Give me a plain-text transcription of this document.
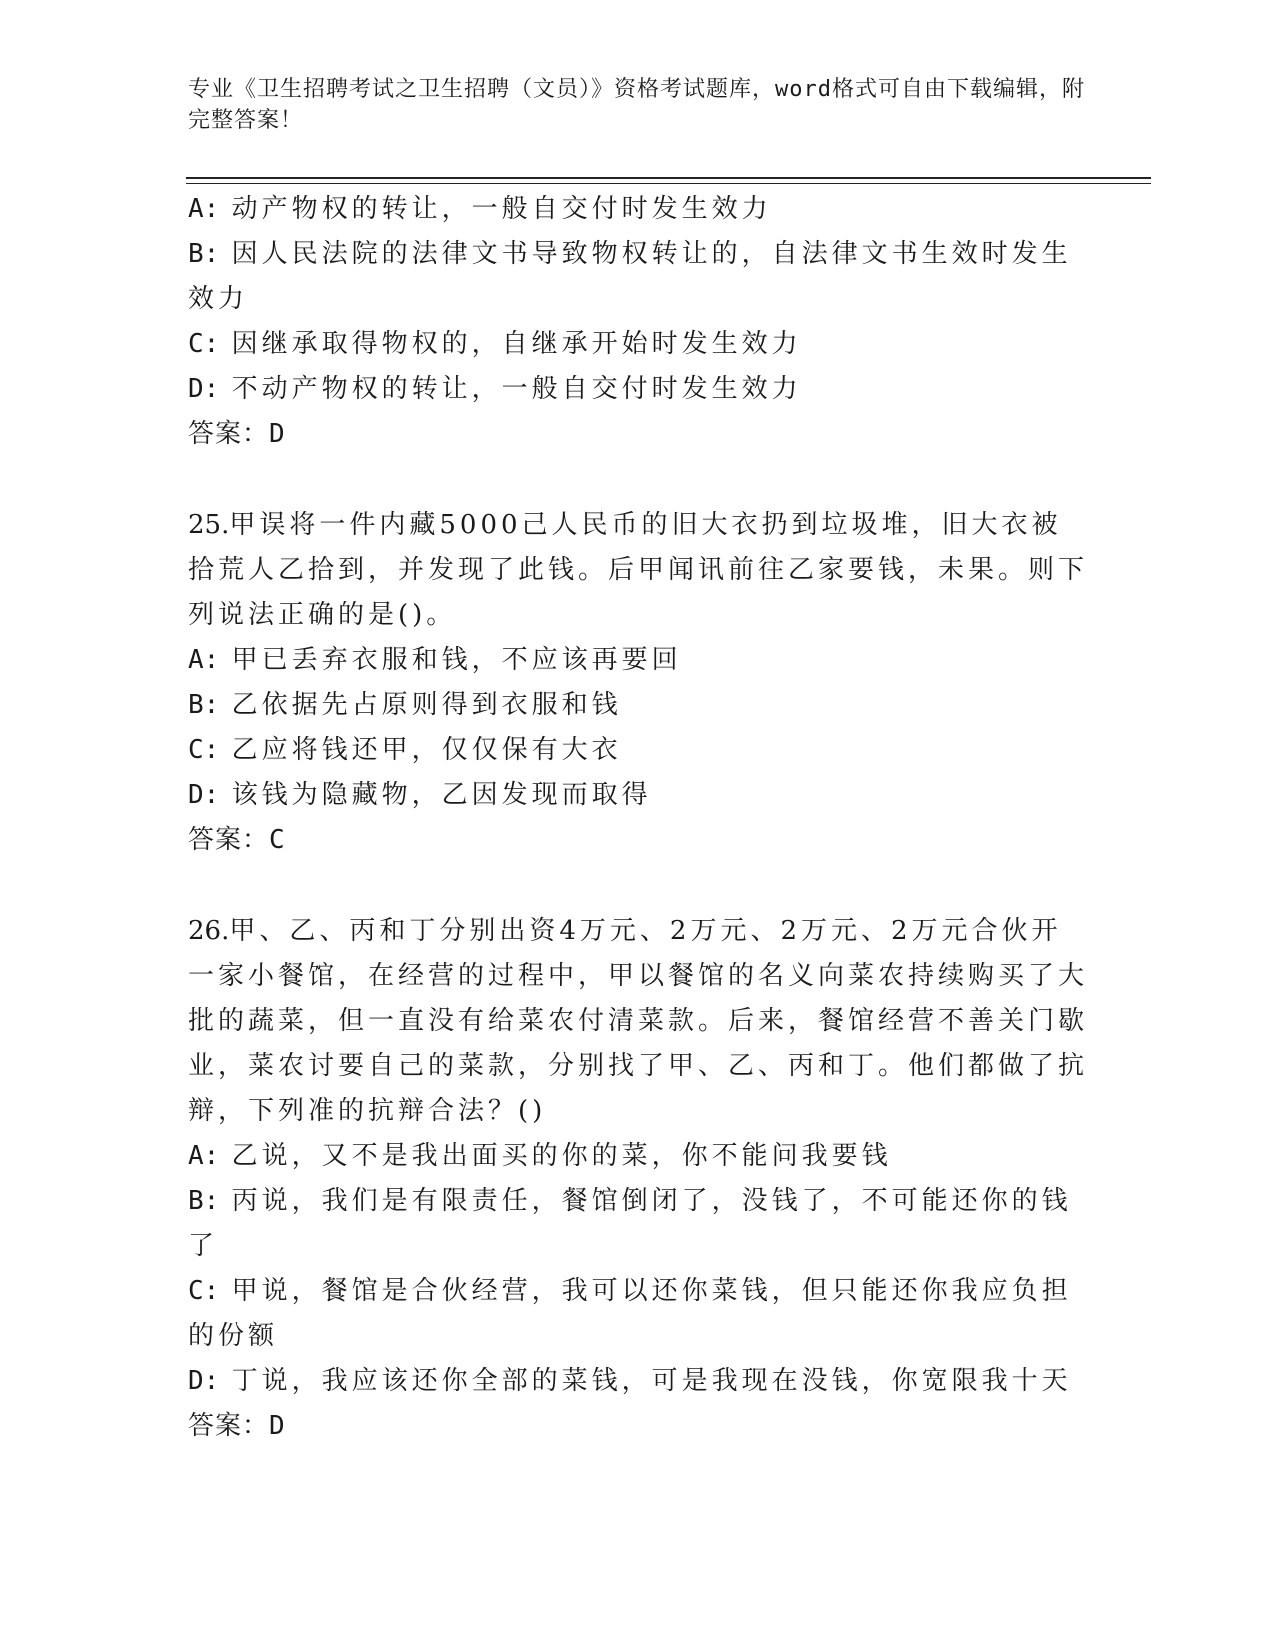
专业《卫生招聘考试之卫生招聘（文员）》资格考试题库，word格式可自由下载编辑，附完整答案！
A: 动产物权的转让，一般自交付时发生效力
B: 因人民法院的法律文书导致物权转让的，自法律文书生效时发生效力
C: 因继承取得物权的，自继承开始时发生效力
D: 不动产物权的转让，一般自交付时发生效力
答案：D
25.甲误将一件内藏5000己人民币的旧大衣扔到垃圾堆，旧大衣被拾荒人乙拾到，并发现了此钱。后甲闻讯前往乙家要钱，未果。则下列说法正确的是()。
A: 甲已丢弃衣服和钱，不应该再要回
B: 乙依据先占原则得到衣服和钱
C: 乙应将钱还甲，仅仅保有大衣
D: 该钱为隐藏物，乙因发现而取得
答案：C
26.甲、乙、丙和丁分别出资4万元、2万元、2万元、2万元合伙开一家小餐馆，在经营的过程中，甲以餐馆的名义向菜农持续购买了大批的蔬菜，但一直没有给菜农付清菜款。后来，餐馆经营不善关门歇业，菜农讨要自己的菜款，分别找了甲、乙、丙和丁。他们都做了抗辩，下列准的抗辩合法？()
A: 乙说，又不是我出面买的你的菜，你不能问我要钱
B: 丙说，我们是有限责任，餐馆倒闭了，没钱了，不可能还你的钱了
C: 甲说，餐馆是合伙经营，我可以还你菜钱，但只能还你我应负担的份额
D: 丁说，我应该还你全部的菜钱，可是我现在没钱，你宽限我十天
答案：D
